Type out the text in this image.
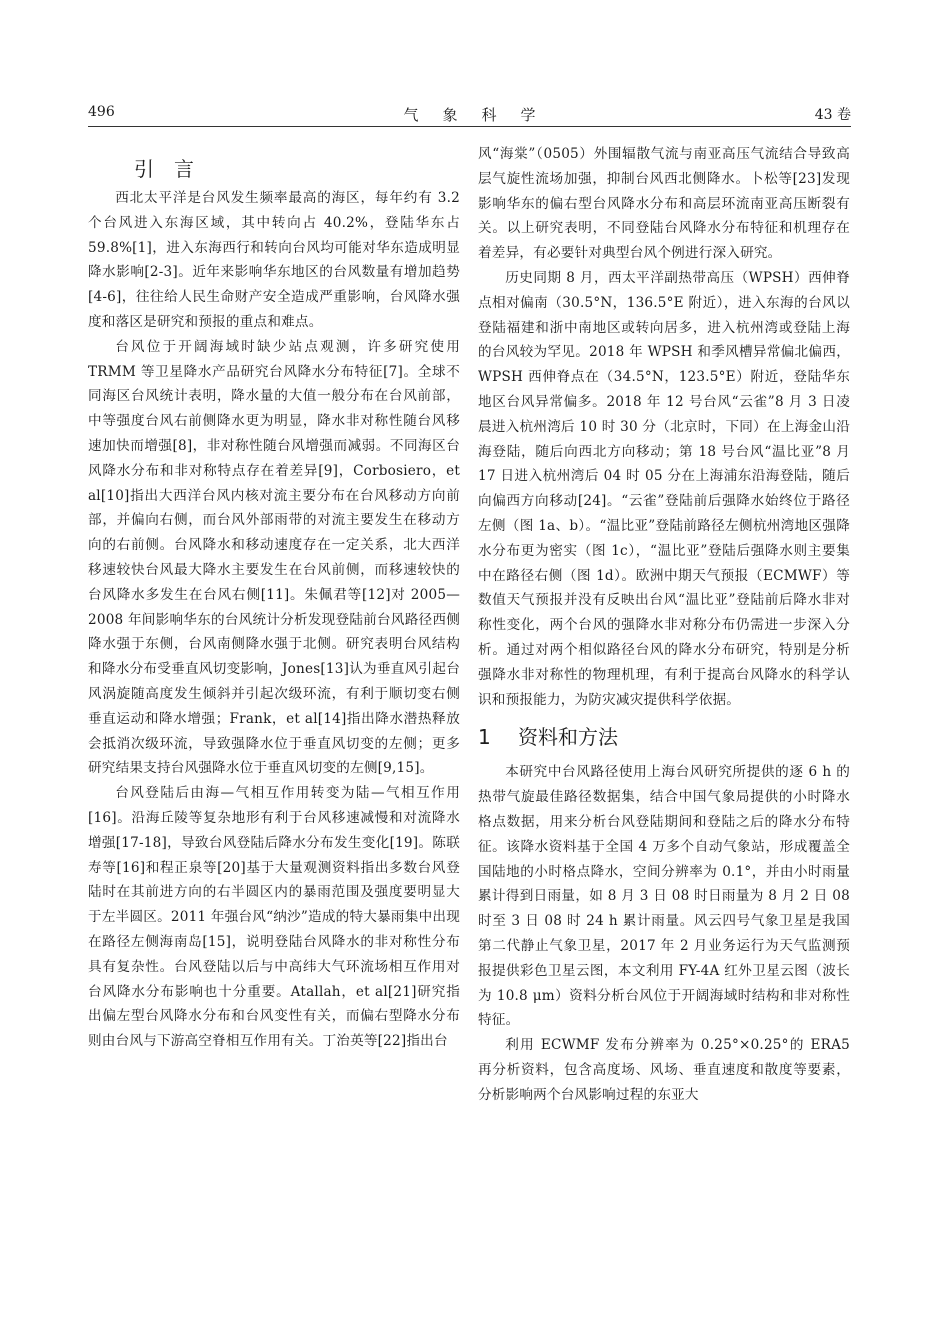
496	气象科学	43 卷
引言

西北太平洋是台风发生频率最高的海区，每年约有 3.2 个台风进入东海区域，其中转向占 40.2%，登陆华东占 59.8%[1]，进入东海西行和转向台风均可能对华东造成明显降水影响[2-3]。近年来影响华东地区的台风数量有增加趋势[4-6]，往往给人民生命财产安全造成严重影响，台风降水强度和落区是研究和预报的重点和难点。

台风位于开阔海域时缺少站点观测，许多研究使用 TRMM 等卫星降水产品研究台风降水分布特征[7]。全球不同海区台风统计表明，降水量的大值一般分布在台风前部，中等强度台风右前侧降水更为明显，降水非对称性随台风移速加快而增强[8]，非对称性随台风增强而减弱。不同海区台风降水分布和非对称特点存在着差异[9]，Corbosiero，et al[10]指出大西洋台风内核对流主要分布在台风移动方向前部，并偏向右侧，而台风外部雨带的对流主要发生在移动方向的右前侧。台风降水和移动速度存在一定关系，北大西洋移速较快台风最大降水主要发生在台风前侧，而移速较快的台风降水多发生在台风右侧[11]。朱佩君等[12]对 2005—2008 年间影响华东的台风统计分析发现登陆前台风路径西侧降水强于东侧，台风南侧降水强于北侧。研究表明台风结构和降水分布受垂直风切变影响，Jones[13]认为垂直风引起台风涡旋随高度发生倾斜并引起次级环流，有利于顺切变右侧垂直运动和降水增强；Frank，et al[14]指出降水潜热释放会抵消次级环流，导致强降水位于垂直风切变的左侧；更多研究结果支持台风强降水位于垂直风切变的左侧[9,15]。

台风登陆后由海—气相互作用转变为陆—气相互作用[16]。沿海丘陵等复杂地形有利于台风移速减慢和对流降水增强[17-18]，导致台风登陆后降水分布发生变化[19]。陈联寿等[16]和程正泉等[20]基于大量观测资料指出多数台风登陆时在其前进方向的右半圆区内的暴雨范围及强度要明显大于左半圆区。2011 年强台风“纳沙”造成的特大暴雨集中出现在路径左侧海南岛[15]，说明登陆台风降水的非对称性分布具有复杂性。台风登陆以后与中高纬大气环流场相互作用对台风降水分布影响也十分重要。Atallah，et al[21]研究指出偏左型台风降水分布和台风变性有关，而偏右型降水分布则由台风与下游高空脊相互作用有关。丁治英等[22]指出台

风“海棠”（0505）外围辐散气流与南亚高压气流结合导致高层气旋性流场加强，抑制台风西北侧降水。卜松等[23]发现影响华东的偏右型台风降水分布和高层环流南亚高压断裂有关。以上研究表明，不同登陆台风降水分布特征和机理存在着差异，有必要针对典型台风个例进行深入研究。

历史同期 8 月，西太平洋副热带高压（WPSH）西伸脊点相对偏南（30.5°N，136.5°E 附近），进入东海的台风以登陆福建和浙中南地区或转向居多，进入杭州湾或登陆上海的台风较为罕见。2018 年 WPSH 和季风槽异常偏北偏西，WPSH 西伸脊点在（34.5°N，123.5°E）附近，登陆华东地区台风异常偏多。2018 年 12 号台风“云雀”8 月 3 日凌晨进入杭州湾后 10 时 30 分（北京时，下同）在上海金山沿海登陆，随后向西北方向移动；第 18 号台风“温比亚”8 月 17 日进入杭州湾后 04 时 05 分在上海浦东沿海登陆，随后向偏西方向移动[24]。“云雀”登陆前后强降水始终位于路径左侧（图 1a、b）。“温比亚”登陆前路径左侧杭州湾地区强降水分布更为密实（图 1c），“温比亚”登陆后强降水则主要集中在路径右侧（图 1d）。欧洲中期天气预报（ECMWF）等数值天气预报并没有反映出台风“温比亚”登陆前后降水非对称性变化，两个台风的强降水非对称分布仍需进一步深入分析。通过对两个相似路径台风的降水分布研究，特别是分析强降水非对称性的物理机理，有利于提高台风降水的科学认识和预报能力，为防灾减灾提供科学依据。

1 资料和方法

本研究中台风路径使用上海台风研究所提供的逐 6 h 的热带气旋最佳路径数据集，结合中国气象局提供的小时降水格点数据，用来分析台风登陆期间和登陆之后的降水分布特征。该降水资料基于全国 4 万多个自动气象站，形成覆盖全国陆地的小时格点降水，空间分辨率为 0.1°，并由小时雨量累计得到日雨量，如 8 月 3 日 08 时日雨量为 8 月 2 日 08 时至 3 日 08 时 24 h 累计雨量。风云四号气象卫星是我国第二代静止气象卫星，2017 年 2 月业务运行为天气监测预报提供彩色卫星云图，本文利用 FY-4A 红外卫星云图（波长为 10.8 μm）资料分析台风位于开阔海域时结构和非对称性特征。

利用 ECWMF 发布分辨率为 0.25°×0.25°的 ERA5 再分析资料，包含高度场、风场、垂直速度和散度等要素，分析影响两个台风影响过程的东亚大
